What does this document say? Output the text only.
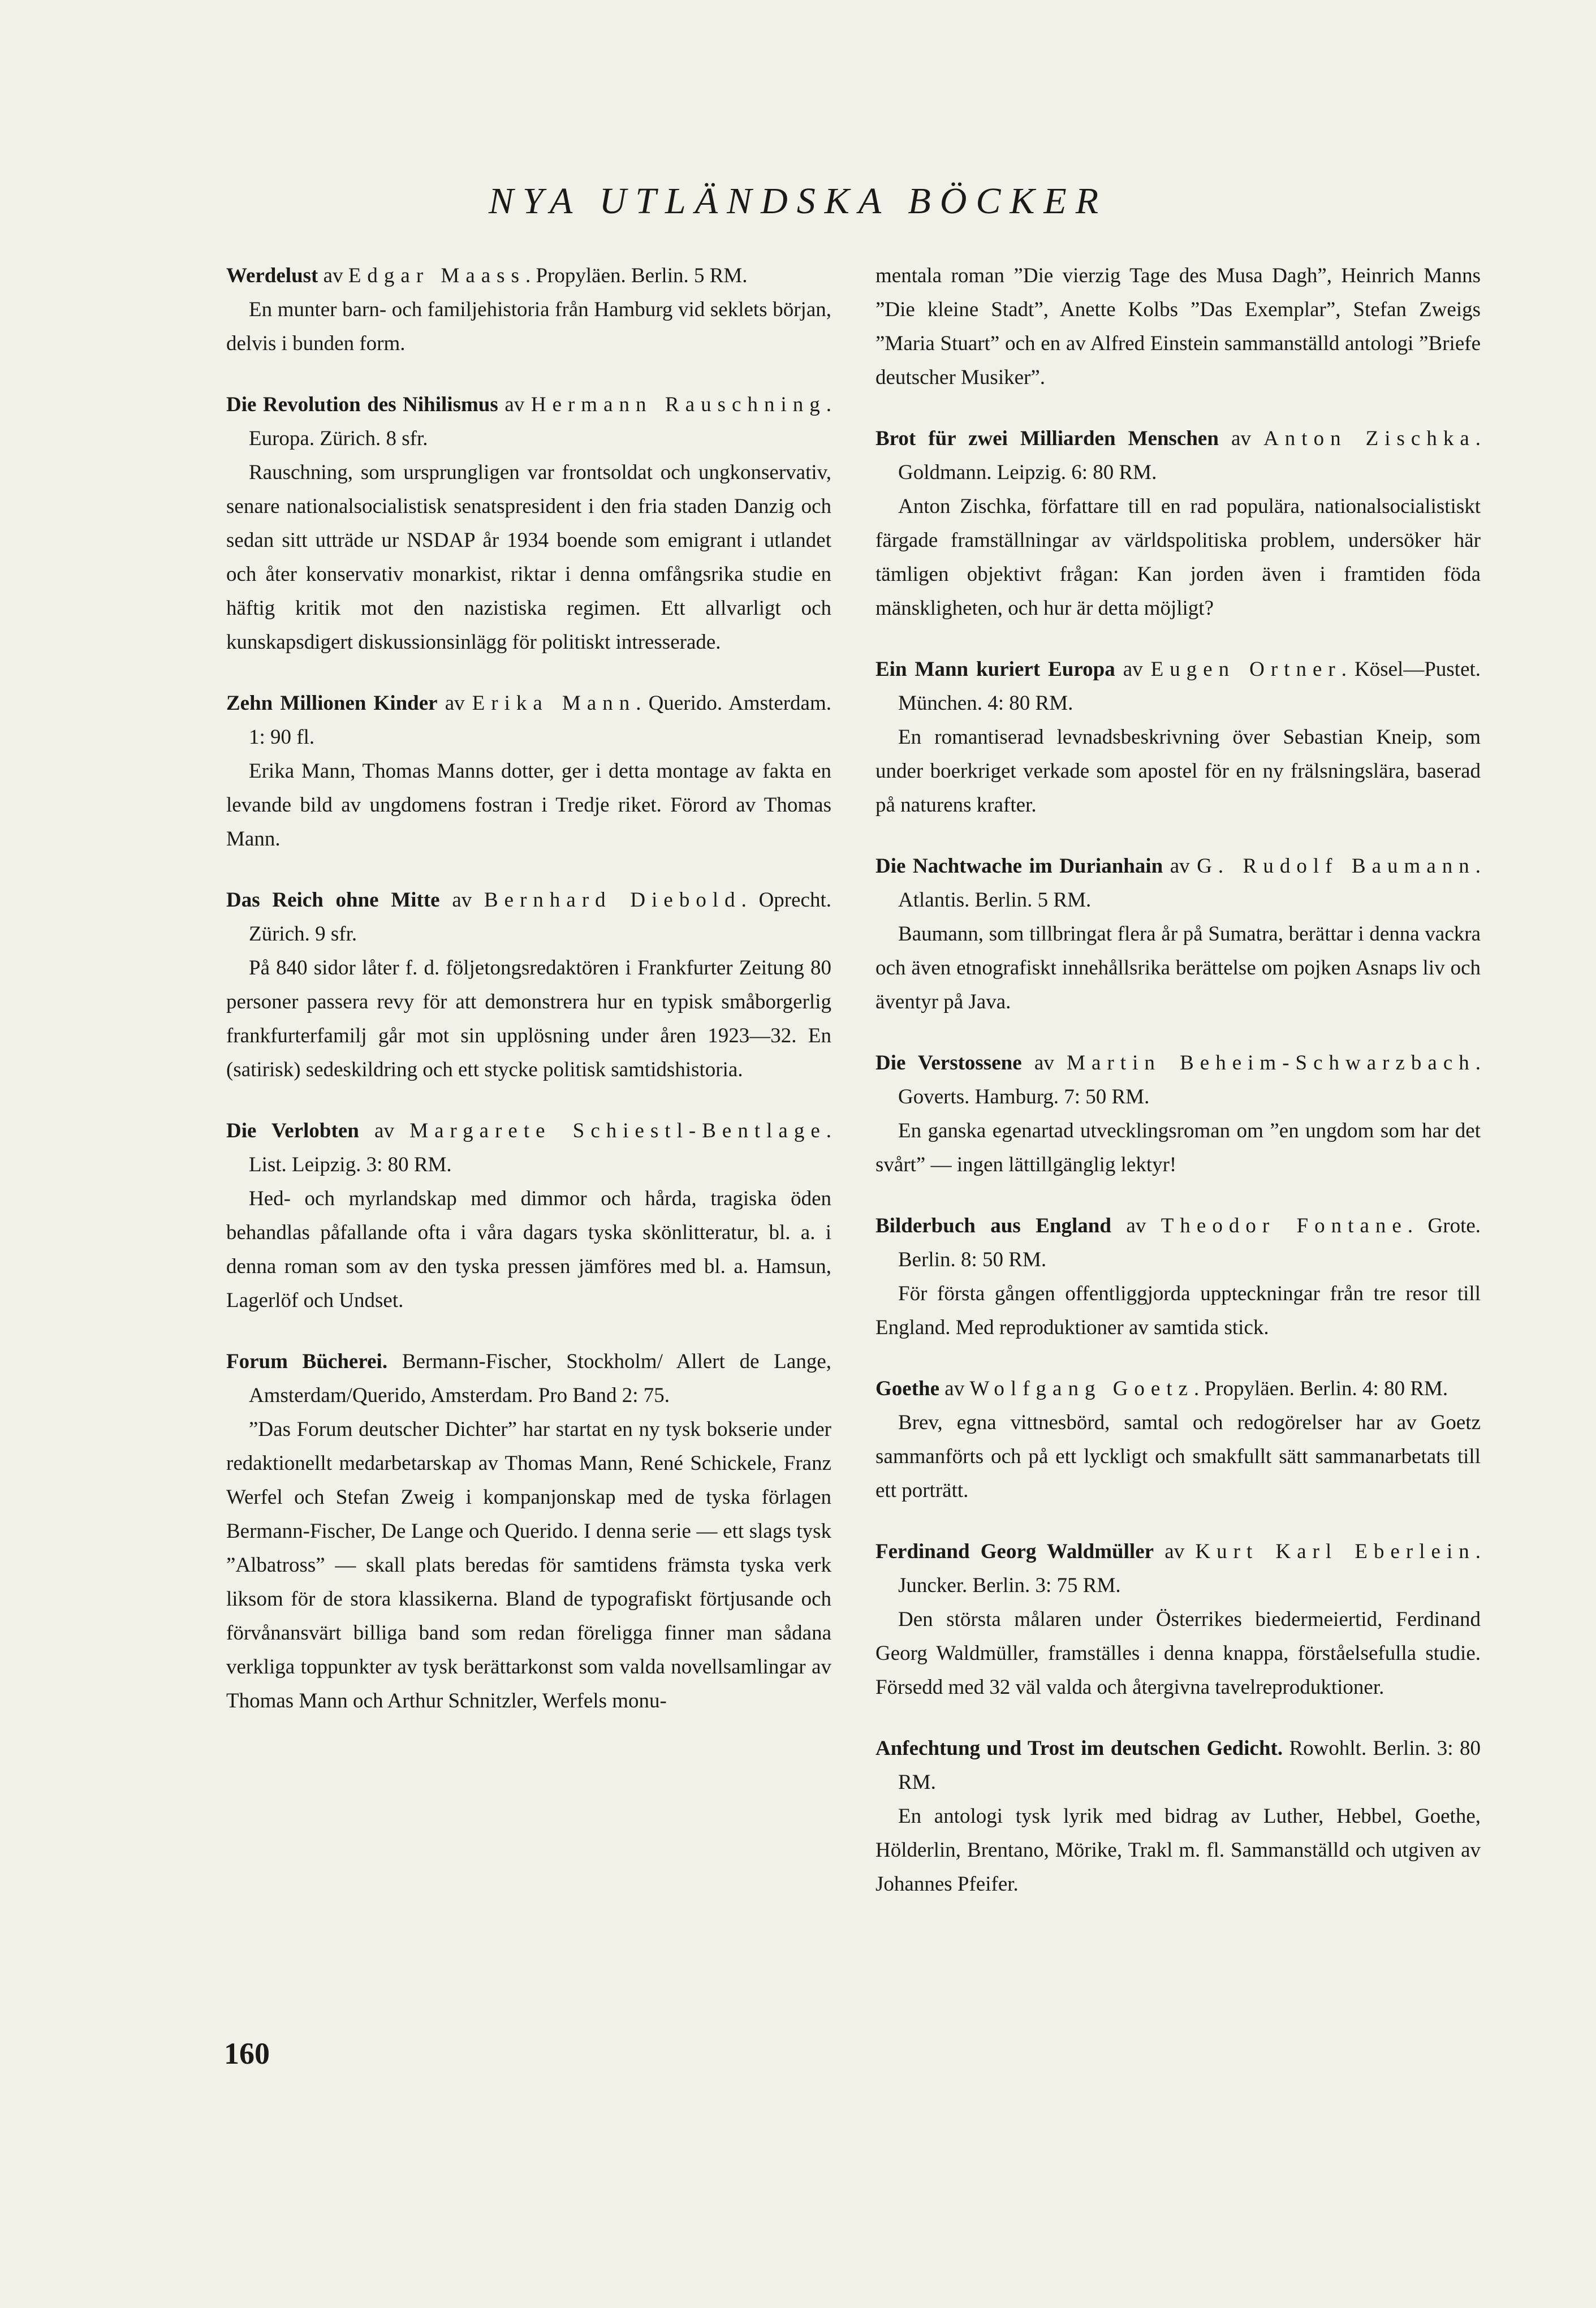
NYA UTLÄNDSKA BÖCKER
Werdelust av Edgar Maass. Propyläen. Berlin. 5 RM.

En munter barn- och familjehistoria från Hamburg vid seklets början, delvis i bunden form.

Die Revolution des Nihilismus av Hermann Rauschning. Europa. Zürich. 8 sfr.

Rauschning, som ursprungligen var frontsoldat och ungkonservativ, senare nationalsocialistisk senatspresident i den fria staden Danzig och sedan sitt utträde ur NSDAP år 1934 boende som emigrant i utlandet och åter konservativ monarkist, riktar i denna omfångsrika studie en häftig kritik mot den nazistiska regimen. Ett allvarligt och kunskapsdigert diskussionsinlägg för politiskt intresserade.

Zehn Millionen Kinder av Erika Mann. Querido. Amsterdam. 1: 90 fl.

Erika Mann, Thomas Manns dotter, ger i detta montage av fakta en levande bild av ungdomens fostran i Tredje riket. Förord av Thomas Mann.

Das Reich ohne Mitte av Bernhard Diebold. Oprecht. Zürich. 9 sfr.

På 840 sidor låter f. d. följetongsredaktören i Frankfurter Zeitung 80 personer passera revy för att demonstrera hur en typisk småborgerlig frankfurterfamilj går mot sin upplösning under åren 1923—32. En (satirisk) sedeskildring och ett stycke politisk samtidshistoria.

Die Verlobten av Margarete Schiestl-Bentlage. List. Leipzig. 3: 80 RM.

Hed- och myrlandskap med dimmor och hårda, tragiska öden behandlas påfallande ofta i våra dagars tyska skönlitteratur, bl. a. i denna roman som av den tyska pressen jämföres med bl. a. Hamsun, Lagerlöf och Undset.

Forum Bücherei. Bermann-Fischer, Stockholm/ Allert de Lange, Amsterdam/Querido, Amsterdam. Pro Band 2: 75.

”Das Forum deutscher Dichter” har startat en ny tysk bokserie under redaktionellt medarbetarskap av Thomas Mann, René Schickele, Franz Werfel och Stefan Zweig i kompanjonskap med de tyska förlagen Bermann-Fischer, De Lange och Querido. I denna serie — ett slags tysk ”Albatross” — skall plats beredas för samtidens främsta tyska verk liksom för de stora klassikerna. Bland de typografiskt förtjusande och förvånansvärt billiga band som redan föreligga finner man sådana verkliga toppunkter av tysk berättarkonst som valda novellsamlingar av Thomas Mann och Arthur Schnitzler, Werfels monu-

mentala roman ”Die vierzig Tage des Musa Dagh”, Heinrich Manns ”Die kleine Stadt”, Anette Kolbs ”Das Exemplar”, Stefan Zweigs ”Maria Stuart” och en av Alfred Einstein sammanställd antologi ”Briefe deutscher Musiker”.

Brot für zwei Milliarden Menschen av Anton Zischka. Goldmann. Leipzig. 6: 80 RM.

Anton Zischka, författare till en rad populära, nationalsocialistiskt färgade framställningar av världspolitiska problem, undersöker här tämligen objektivt frågan: Kan jorden även i framtiden föda mänskligheten, och hur är detta möjligt?

Ein Mann kuriert Europa av Eugen Ortner. Kösel—Pustet. München. 4: 80 RM.

En romantiserad levnadsbeskrivning över Sebastian Kneip, som under boerkriget verkade som apostel för en ny frälsningslära, baserad på naturens krafter.

Die Nachtwache im Durianhain av G. Rudolf Baumann. Atlantis. Berlin. 5 RM.

Baumann, som tillbringat flera år på Sumatra, berättar i denna vackra och även etnografiskt innehållsrika berättelse om pojken Asnaps liv och äventyr på Java.

Die Verstossene av Martin Beheim-Schwarzbach. Goverts. Hamburg. 7: 50 RM.

En ganska egenartad utvecklingsroman om ”en ungdom som har det svårt” — ingen lättillgänglig lektyr!

Bilderbuch aus England av Theodor Fontane. Grote. Berlin. 8: 50 RM.

För första gången offentliggjorda uppteckningar från tre resor till England. Med reproduktioner av samtida stick.

Goethe av Wolfgang Goetz. Propyläen. Berlin. 4: 80 RM.

Brev, egna vittnesbörd, samtal och redogörelser har av Goetz sammanförts och på ett lyckligt och smakfullt sätt sammanarbetats till ett porträtt.

Ferdinand Georg Waldmüller av Kurt Karl Eberlein. Juncker. Berlin. 3: 75 RM.

Den största målaren under Österrikes biedermeiertid, Ferdinand Georg Waldmüller, framställes i denna knappa, förståelsefulla studie. Försedd med 32 väl valda och återgivna tavelreproduktioner.

Anfechtung und Trost im deutschen Gedicht. Rowohlt. Berlin. 3: 80 RM.

En antologi tysk lyrik med bidrag av Luther, Hebbel, Goethe, Hölderlin, Brentano, Mörike, Trakl m. fl. Sammanställd och utgiven av Johannes Pfeifer.

160
